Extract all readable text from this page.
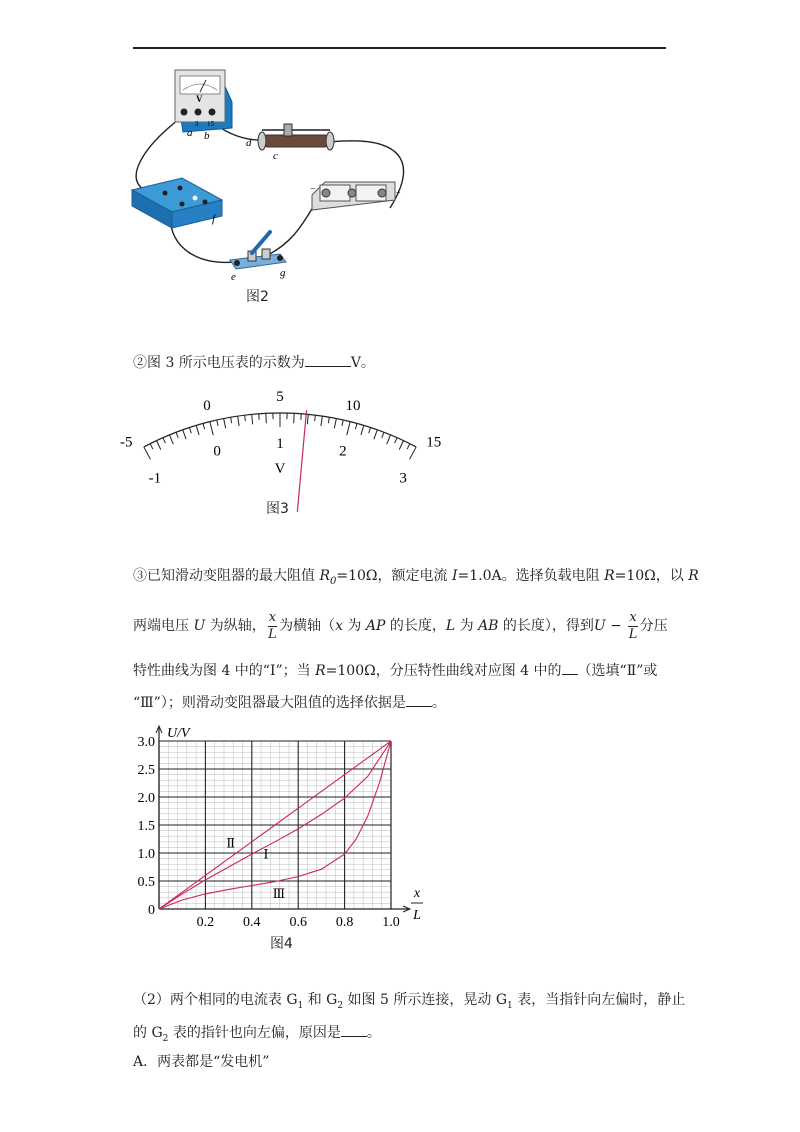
V
3 15
a b
d
c
f
−	+
e	g
图2
②图 3 所示电压表的示数为	V。
-5
0
5
10
15
-1
0	1	2
3
V
图3
③已知滑动变阻器的最大阻值 $R_0=10\Omega$，额定电流 I=1.0A。选择负载电阻 R=10Ω，以 R
两端电压 U 为纵轴， $\frac{x}{L}$ 为横轴（x 为 AP 的长度，L 为 AB 的长度），得到$U - \frac{x}{L}$ 分压
特性曲线为图 4 中的“Ⅰ”；当 R=100Ω，分压特性曲线对应图 4 中的 （选填“Ⅱ”或
“Ⅲ”）；则滑动变阻器最大阻值的选择依据是 。
0
0.5
1.0
1.5
2.0
2.5
3.0
0.2 0.4 0.6 0.8 1.0
U/V
x
L
Ⅰ
Ⅱ
Ⅲ
图4
（2）两个相同的电流表 $G_1$ 和 $G_2$ 如图 5 所示连接，晃动 $G_1$ 表，当指针向左偏时，静止
的 $G_2$ 表的指针也向左偏，原因是 。
A．两表都是“发电机”
